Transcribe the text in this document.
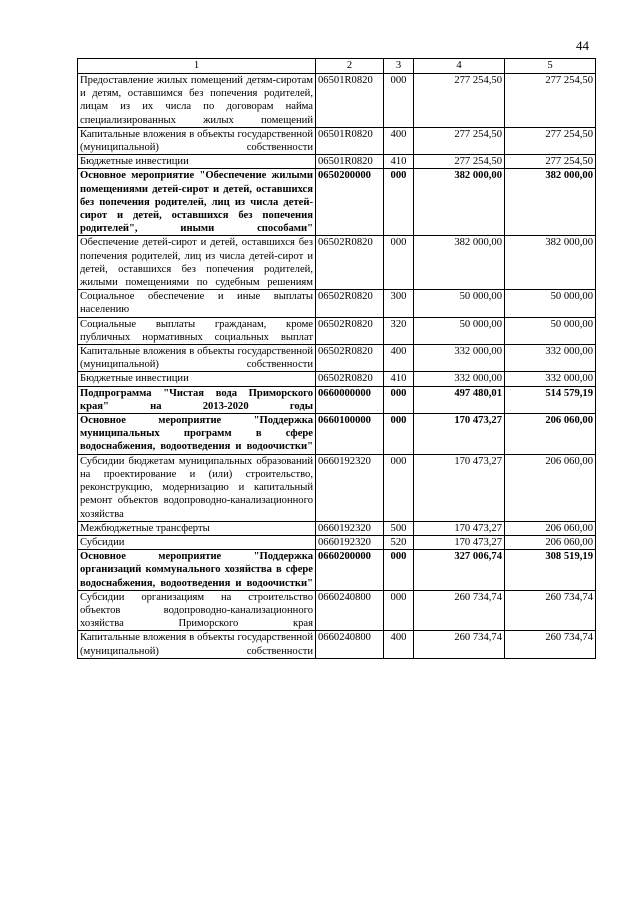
44
1	2	3	4	5
Предоставление жилых помещений детям-сиротам и детям, оставшимся без попечения родителей, лицам из их числа по договорам найма специализированных жилых помещений	06501R0820	000	277 254,50	277 254,50
Капитальные вложения в объекты государственной (муниципальной) собственности	06501R0820	400	277 254,50	277 254,50
Бюджетные инвестиции	06501R0820	410	277 254,50	277 254,50
Основное мероприятие "Обеспечение жилыми помещениями детей-сирот и детей, оставшихся без попечения родителей, лиц из числа детей-сирот и детей, оставшихся без попечения родителей", иными способами"	0650200000	000	382 000,00	382 000,00
Обеспечение детей-сирот и детей, оставшихся без попечения родителей, лиц из числа детей-сирот и детей, оставшихся без попечения родителей, жилыми помещениями по судебным решениям	06502R0820	000	382 000,00	382 000,00
Социальное обеспечение и иные выплаты населению	06502R0820	300	50 000,00	50 000,00
Социальные выплаты гражданам, кроме публичных нормативных социальных выплат	06502R0820	320	50 000,00	50 000,00
Капитальные вложения в объекты государственной (муниципальной) собственности	06502R0820	400	332 000,00	332 000,00
Бюджетные инвестиции	06502R0820	410	332 000,00	332 000,00
Подпрограмма "Чистая вода Приморского края" на 2013-2020 годы	0660000000	000	497 480,01	514 579,19
Основное мероприятие "Поддержка муниципальных программ в сфере водоснабжения, водоотведения и водоочистки"	0660100000	000	170 473,27	206 060,00
Субсидии бюджетам муниципальных образований на проектирование и (или) строительство, реконструкцию, модернизацию и капитальный ремонт объектов водопроводно-канализационного хозяйства	0660192320	000	170 473,27	206 060,00
Межбюджетные трансферты	0660192320	500	170 473,27	206 060,00
Субсидии	0660192320	520	170 473,27	206 060,00
Основное мероприятие "Поддержка организаций коммунального хозяйства в сфере водоснабжения, водоотведения и водоочистки"	0660200000	000	327 006,74	308 519,19
Субсидии организациям на строительство объектов водопроводно-канализационного хозяйства Приморского края	0660240800	000	260 734,74	260 734,74
Капитальные вложения в объекты государственной (муниципальной) собственности	0660240800	400	260 734,74	260 734,74
